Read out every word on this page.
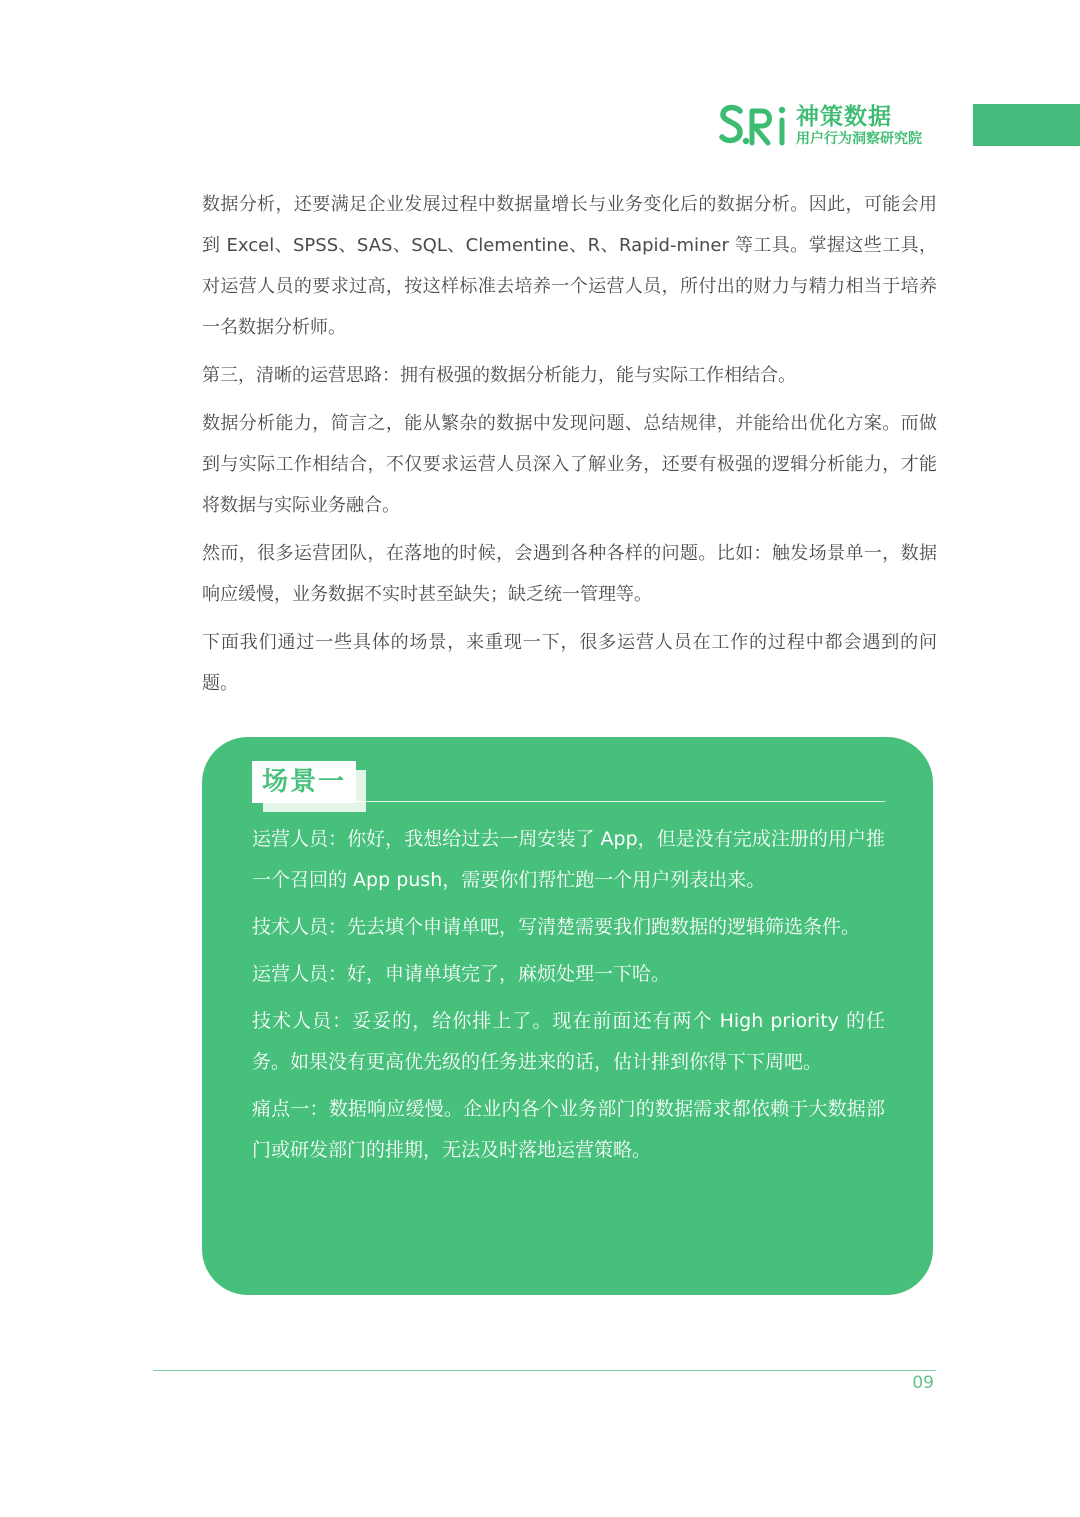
神策数据
用户行为洞察研究院

数据分析，还要满足企业发展过程中数据量增长与业务变化后的数据分析。因此，可能会用到 Excel、SPSS、SAS、SQL、Clementine、R、Rapid-miner 等工具。掌握这些工具，对运营人员的要求过高，按这样标准去培养一个运营人员，所付出的财力与精力相当于培养一名数据分析师。

第三，清晰的运营思路：拥有极强的数据分析能力，能与实际工作相结合。

数据分析能力，简言之，能从繁杂的数据中发现问题、总结规律，并能给出优化方案。而做到与实际工作相结合，不仅要求运营人员深入了解业务，还要有极强的逻辑分析能力，才能将数据与实际业务融合。

然而，很多运营团队，在落地的时候，会遇到各种各样的问题。比如：触发场景单一，数据响应缓慢，业务数据不实时甚至缺失；缺乏统一管理等。

下面我们通过一些具体的场景，来重现一下，很多运营人员在工作的过程中都会遇到的问题。

场景一

运营人员：你好，我想给过去一周安装了 App，但是没有完成注册的用户推一个召回的 App push，需要你们帮忙跑一个用户列表出来。

技术人员：先去填个申请单吧，写清楚需要我们跑数据的逻辑筛选条件。

运营人员：好，申请单填完了，麻烦处理一下哈。

技术人员：妥妥的，给你排上了。现在前面还有两个 High priority 的任务。如果没有更高优先级的任务进来的话，估计排到你得下下周吧。

痛点一：数据响应缓慢。企业内各个业务部门的数据需求都依赖于大数据部门或研发部门的排期，无法及时落地运营策略。

09
